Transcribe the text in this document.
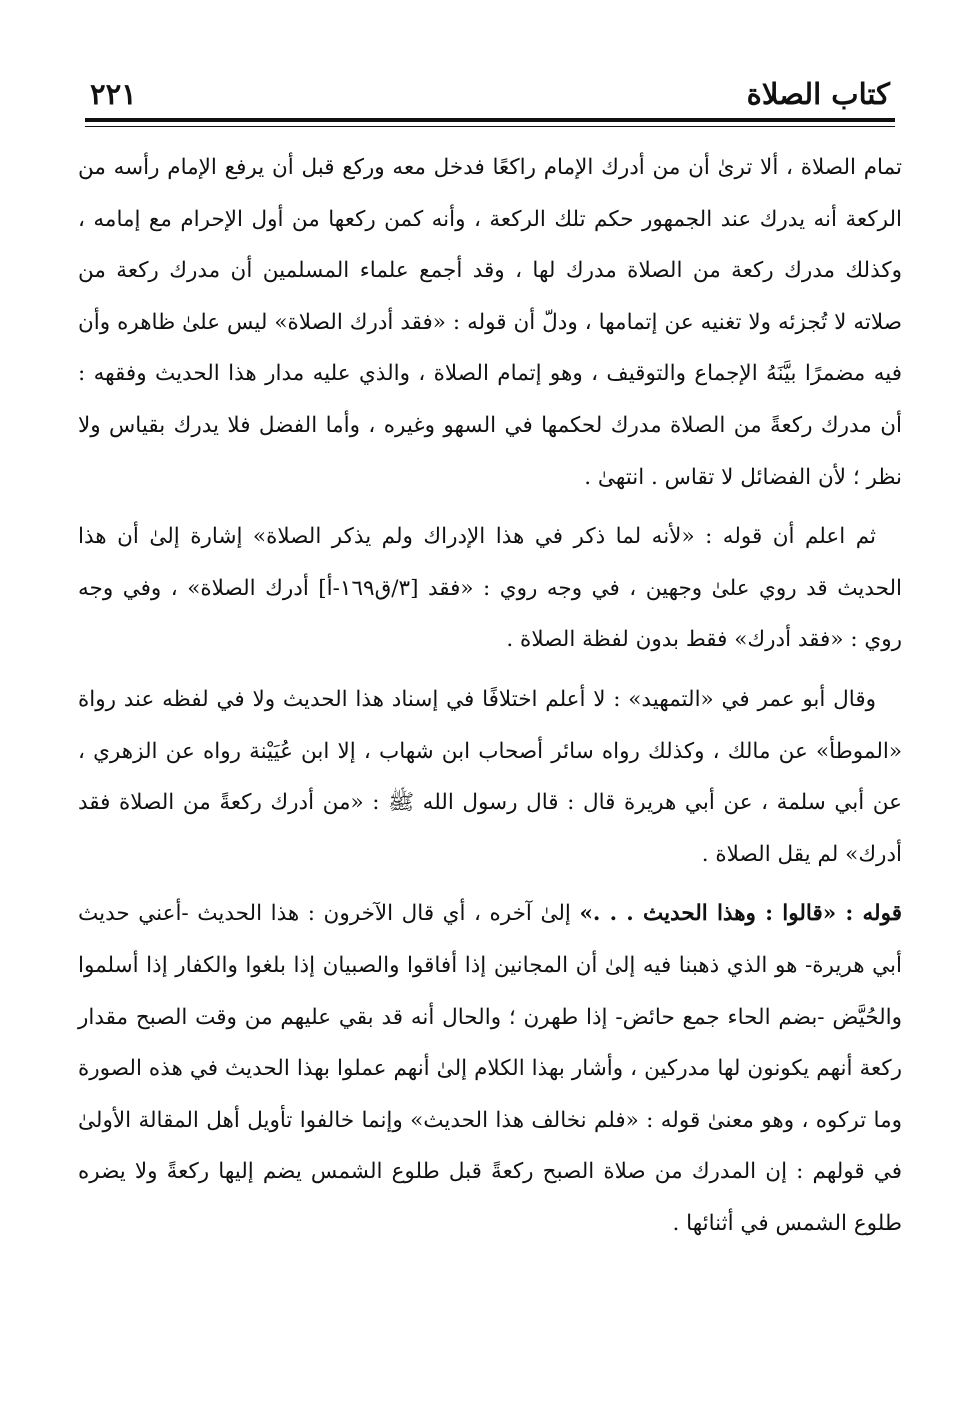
كتاب الصلاة
٢٢١

تمام الصلاة ، ألا ترىٰ أن من أدرك الإمام راكعًا فدخل معه وركع قبل أن يرفع الإمام رأسه من الركعة أنه يدرك عند الجمهور حكم تلك الركعة ، وأنه كمن ركعها من أول الإحرام مع إمامه ، وكذلك مدرك ركعة من الصلاة مدرك لها ، وقد أجمع علماء المسلمين أن مدرك ركعة من صلاته لا تُجزئه ولا تغنيه عن إتمامها ، ودلّ أن قوله : «فقد أدرك الصلاة» ليس علىٰ ظاهره وأن فيه مضمرًا بيَّنَهُ الإجماع والتوقيف ، وهو إتمام الصلاة ، والذي عليه مدار هذا الحديث وفقهه : أن مدرك ركعةً من الصلاة مدرك لحكمها في السهو وغيره ، وأما الفضل فلا يدرك بقياس ولا نظر ؛ لأن الفضائل لا تقاس . انتهىٰ .

ثم اعلم أن قوله : «لأنه لما ذكر في هذا الإدراك ولم يذكر الصلاة» إشارة إلىٰ أن هذا الحديث قد روي علىٰ وجهين ، في وجه روي : «فقد [٣/ق١٦٩-أ] أدرك الصلاة» ، وفي وجه روي : «فقد أدرك» فقط بدون لفظة الصلاة .

وقال أبو عمر في «التمهيد» : لا أعلم اختلافًا في إسناد هذا الحديث ولا في لفظه عند رواة «الموطأ» عن مالك ، وكذلك رواه سائر أصحاب ابن شهاب ، إلا ابن عُيَيْنة رواه عن الزهري ، عن أبي سلمة ، عن أبي هريرة قال : قال رسول الله ﷺ : «من أدرك ركعةً من الصلاة فقد أدرك» لم يقل الصلاة .

قوله : «قالوا : وهذا الحديث . . .» إلىٰ آخره ، أي قال الآخرون : هذا الحديث -أعني حديث أبي هريرة- هو الذي ذهبنا فيه إلىٰ أن المجانين إذا أفاقوا والصبيان إذا بلغوا والكفار إذا أسلموا والحُيَّض -بضم الحاء جمع حائض- إذا طهرن ؛ والحال أنه قد بقي عليهم من وقت الصبح مقدار ركعة أنهم يكونون لها مدركين ، وأشار بهذا الكلام إلىٰ أنهم عملوا بهذا الحديث في هذه الصورة وما تركوه ، وهو معنىٰ قوله : «فلم نخالف هذا الحديث» وإنما خالفوا تأويل أهل المقالة الأولىٰ في قولهم : إن المدرك من صلاة الصبح ركعةً قبل طلوع الشمس يضم إليها ركعةً ولا يضره طلوع الشمس في أثنائها .
